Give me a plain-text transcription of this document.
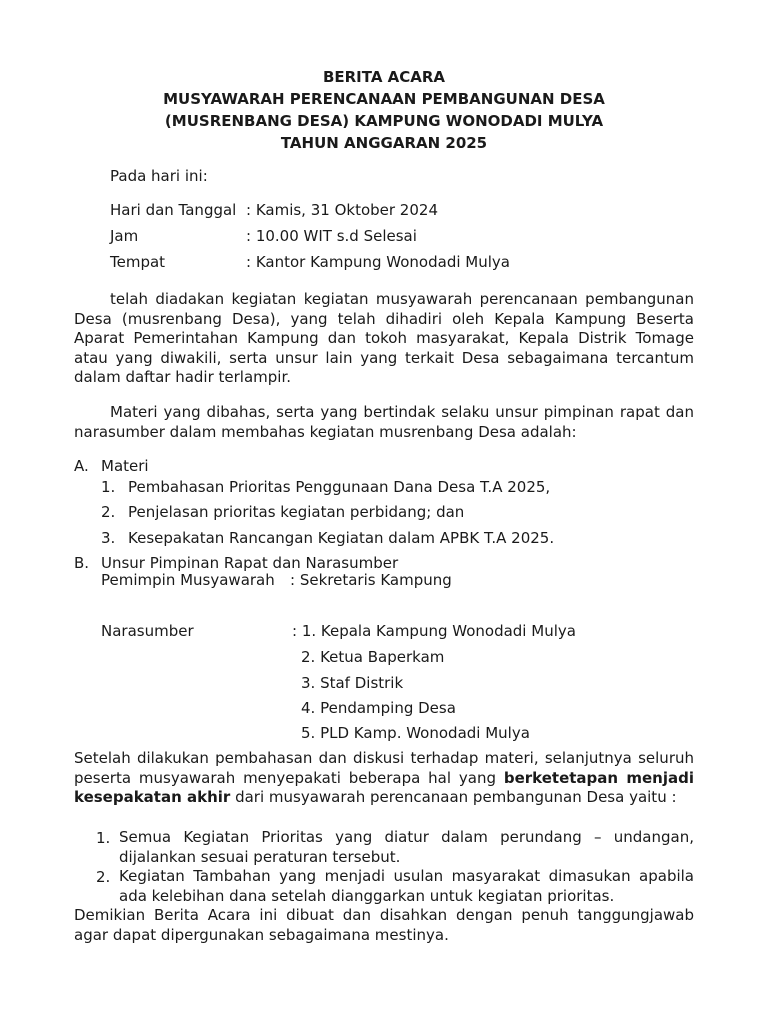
BERITA ACARA
MUSYAWARAH PERENCANAAN PEMBANGUNAN DESA
(MUSRENBANG DESA) KAMPUNG WONODADI MULYA
TAHUN ANGGARAN 2025
Pada hari ini:
Hari dan Tanggal : Kamis, 31 Oktober 2024
Jam	: 10.00 WIT s.d Selesai
Tempat	: Kantor Kampung Wonodadi Mulya
telah diadakan kegiatan kegiatan musyawarah perencanaan pembangunan Desa (musrenbang Desa), yang telah dihadiri oleh Kepala Kampung Beserta Aparat Pemerintahan Kampung dan tokoh masyarakat, Kepala Distrik Tomage atau yang diwakili, serta unsur lain yang terkait Desa sebagaimana tercantum dalam daftar hadir terlampir.
Materi yang dibahas, serta yang bertindak selaku unsur pimpinan rapat dan narasumber dalam membahas kegiatan musrenbang Desa adalah:
A. Materi
1. Pembahasan Prioritas Penggunaan Dana Desa T.A 2025,
2. Penjelasan prioritas kegiatan perbidang; dan
3. Kesepakatan Rancangan Kegiatan dalam APBK T.A 2025.
B. Unsur Pimpinan Rapat dan Narasumber
Pemimpin Musyawarah : Sekretaris Kampung
Narasumber	: 1. Kepala Kampung Wonodadi Mulya
2. Ketua Baperkam
3. Staf Distrik
4. Pendamping Desa
5. PLD Kamp. Wonodadi Mulya
Setelah dilakukan pembahasan dan diskusi terhadap materi, selanjutnya seluruh peserta musyawarah menyepakati beberapa hal yang berketetapan menjadi kesepakatan akhir dari musyawarah perencanaan pembangunan Desa yaitu :
1. Semua Kegiatan Prioritas yang diatur dalam perundang – undangan, dijalankan sesuai peraturan tersebut.
2. Kegiatan Tambahan yang menjadi usulan masyarakat dimasukan apabila ada kelebihan dana setelah dianggarkan untuk kegiatan prioritas.
Demikian Berita Acara ini dibuat dan disahkan dengan penuh tanggungjawab agar dapat dipergunakan sebagaimana mestinya.
